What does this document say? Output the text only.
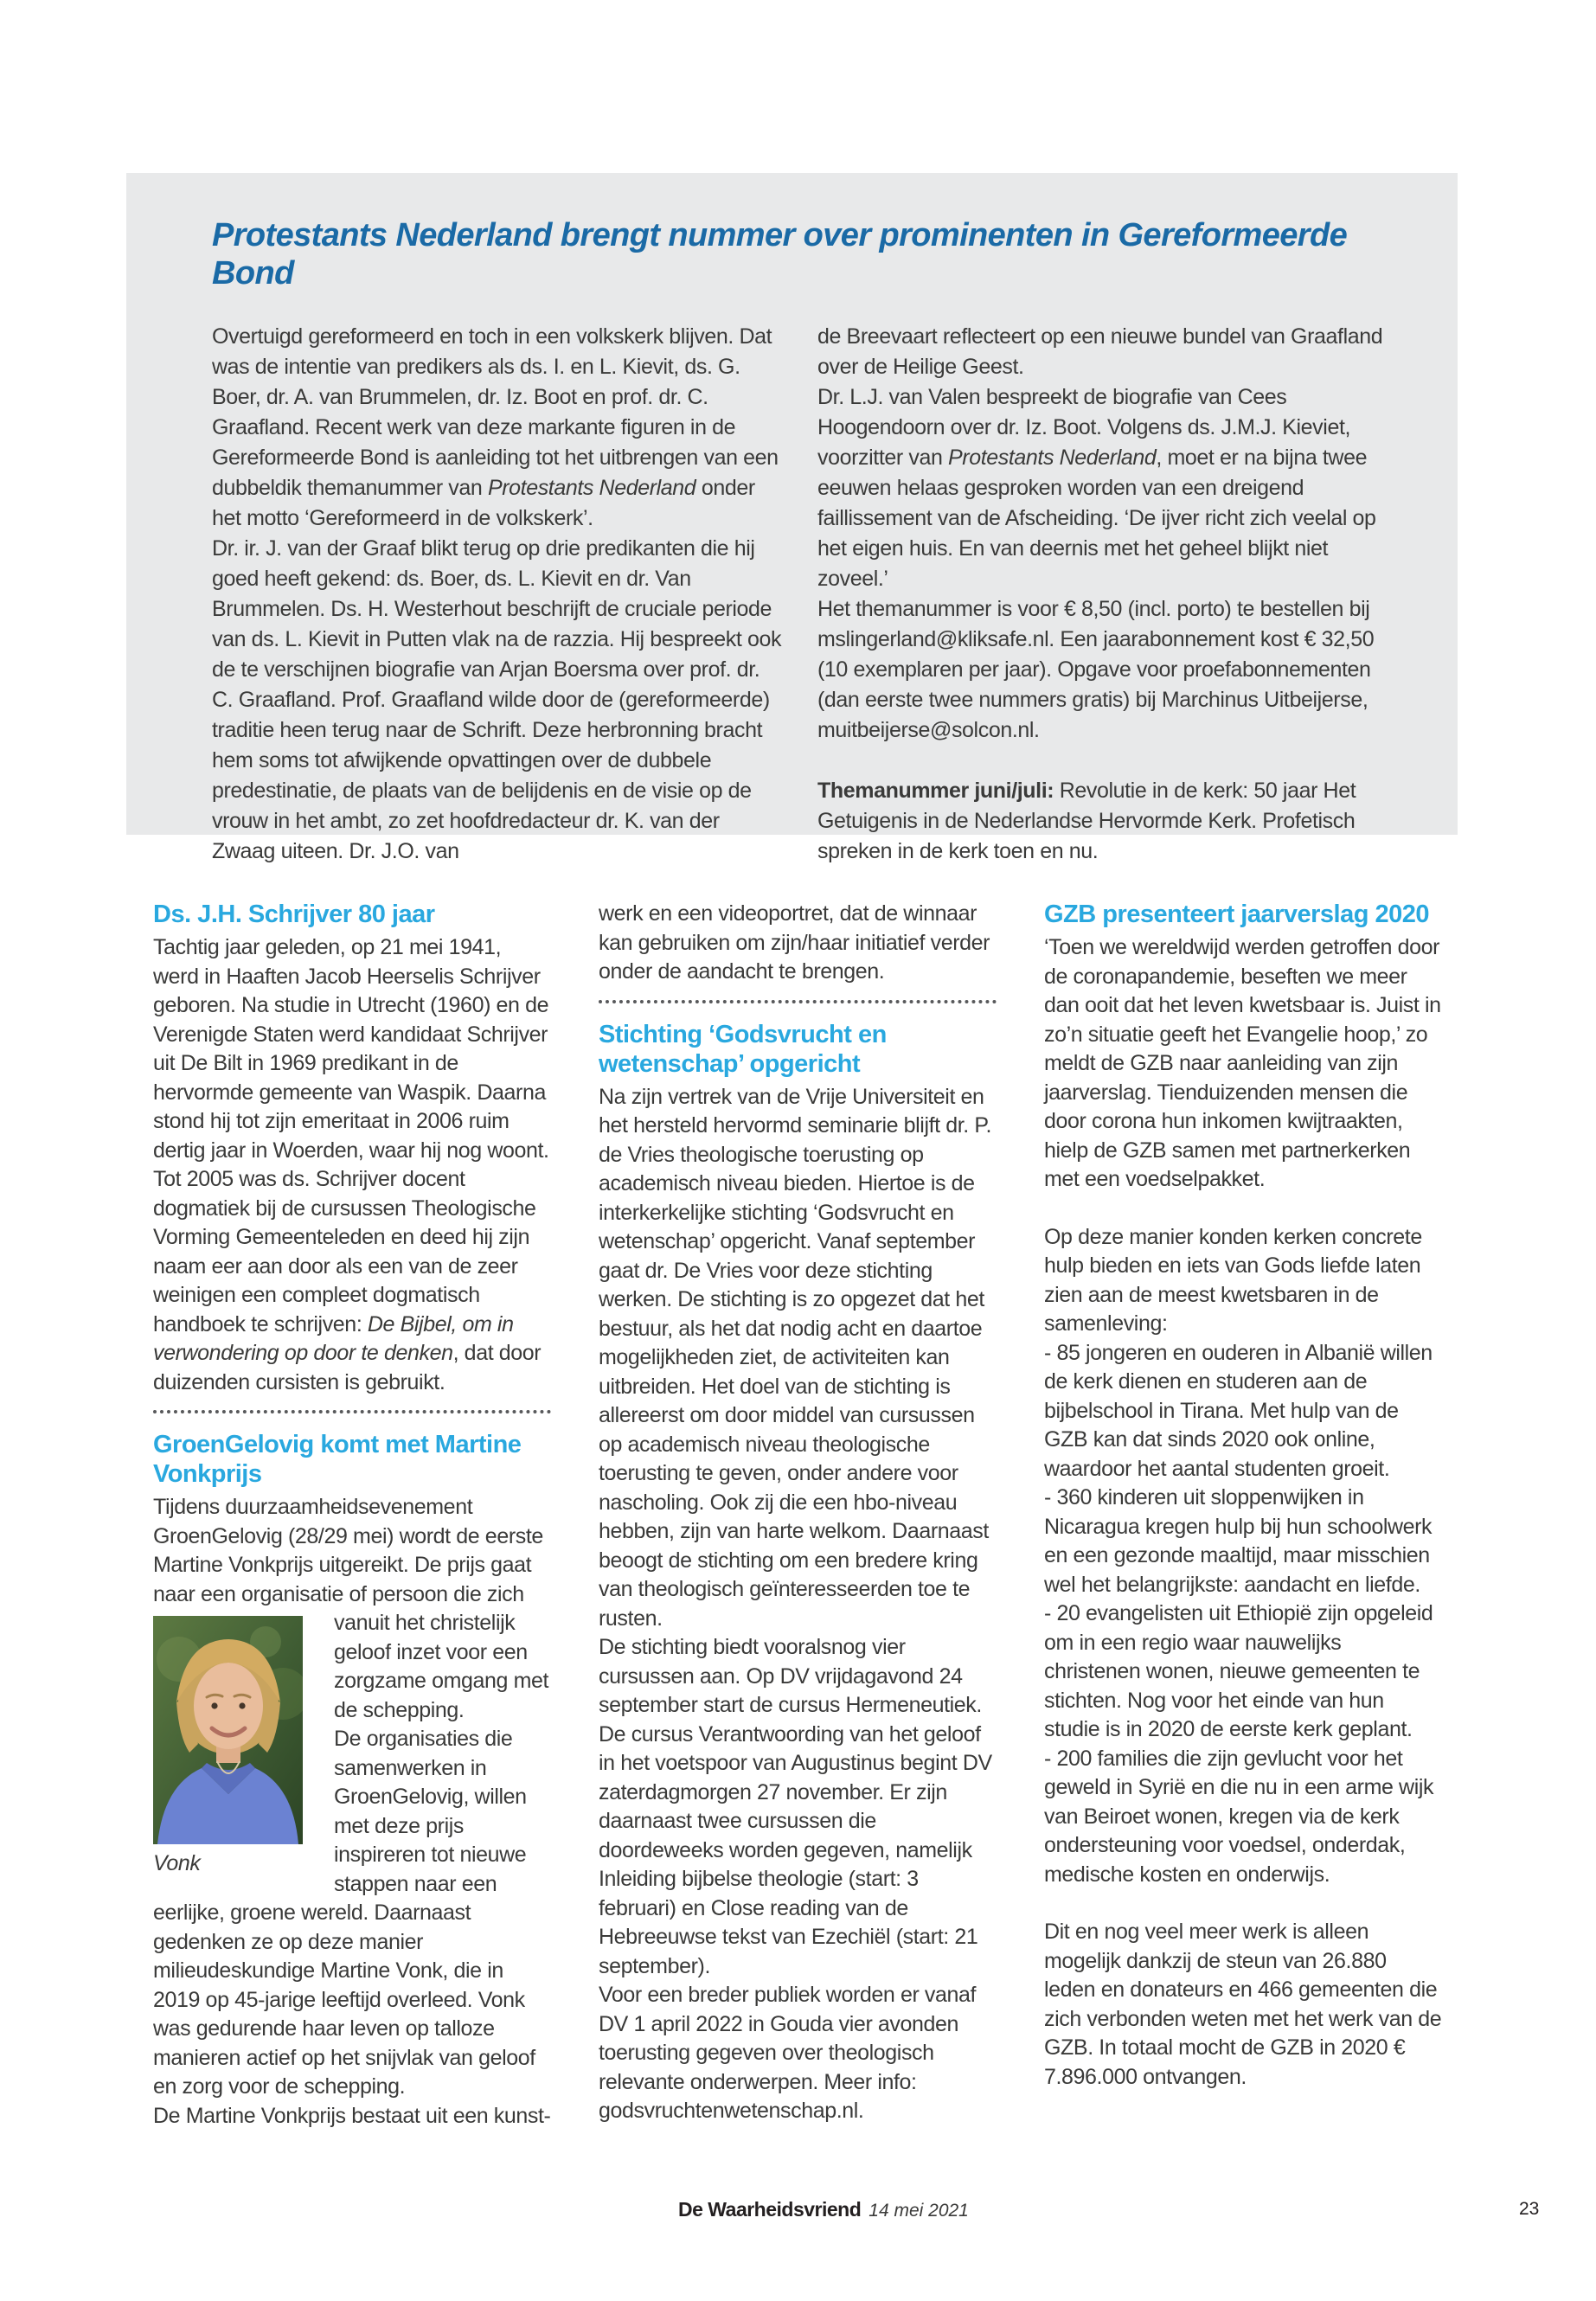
Protestants Nederland brengt nummer over prominenten in Gereformeerde Bond

Overtuigd gereformeerd en toch in een volkskerk blijven. Dat was de intentie van predikers als ds. I. en L. Kievit, ds. G. Boer, dr. A. van Brummelen, dr. Iz. Boot en prof. dr. C. Graafland. Recent werk van deze markante figuren in de Gereformeerde Bond is aanleiding tot het uitbrengen van een dubbeldik themanummer van Protestants Nederland onder het motto ‘Gereformeerd in de volkskerk’.

Dr. ir. J. van der Graaf blikt terug op drie predikanten die hij goed heeft gekend: ds. Boer, ds. L. Kievit en dr. Van Brummelen. Ds. H. Westerhout beschrijft de cruciale periode van ds. L. Kievit in Putten vlak na de razzia. Hij bespreekt ook de te verschijnen biografie van Arjan Boersma over prof. dr. C. Graafland. Prof. Graafland wilde door de (gereformeerde) traditie heen terug naar de Schrift. Deze herbronning bracht hem soms tot afwijkende opvattingen over de dubbele predestinatie, de plaats van de belijdenis en de visie op de vrouw in het ambt, zo zet hoofdredacteur dr. K. van der Zwaag uiteen. Dr. J.O. van

de Breevaart reflecteert op een nieuwe bundel van Graafland over de Heilige Geest.

Dr. L.J. van Valen bespreekt de biografie van Cees Hoogendoorn over dr. Iz. Boot. Volgens ds. J.M.J. Kieviet, voorzitter van Protestants Nederland, moet er na bijna twee eeuwen helaas gesproken worden van een dreigend faillissement van de Afscheiding. ‘De ijver richt zich veelal op het eigen huis. En van deernis met het geheel blijkt niet zoveel.’

Het themanummer is voor € 8,50 (incl. porto) te bestellen bij mslingerland@kliksafe.nl. Een jaarabonnement kost € 32,50 (10 exemplaren per jaar). Opgave voor proefabonnementen (dan eerste twee nummers gratis) bij Marchinus Uitbeijerse, muitbeijerse@solcon.nl.

Themanummer juni/juli: Revolutie in de kerk: 50 jaar Het Getuigenis in de Nederlandse Hervormde Kerk. Profetisch spreken in de kerk toen en nu.

Ds. J.H. Schrijver 80 jaar

Tachtig jaar geleden, op 21 mei 1941, werd in Haaften Jacob Heerselis Schrijver geboren. Na studie in Utrecht (1960) en de Verenigde Staten werd kandidaat Schrijver uit De Bilt in 1969 predikant in de hervormde gemeente van Waspik. Daarna stond hij tot zijn emeritaat in 2006 ruim dertig jaar in Woerden, waar hij nog woont. Tot 2005 was ds. Schrijver docent dogmatiek bij de cursussen Theologische Vorming Gemeenteleden en deed hij zijn naam eer aan door als een van de zeer weinigen een compleet dogmatisch handboek te schrijven: De Bijbel, om in verwondering op door te denken, dat door duizenden cursisten is gebruikt.

GroenGelovig komt met Martine Vonkprijs

Tijdens duurzaamheidsevenement GroenGelovig (28/29 mei) wordt de eerste Martine Vonkprijs uitgereikt. De prijs gaat naar een organisatie of persoon die zich

Vonk

vanuit het christelijk geloof inzet voor een zorgzame omgang met de schepping.

De organisaties die samenwerken in GroenGelovig, willen met deze prijs inspireren tot nieuwe stappen naar een eerlijke, groene wereld. Daarnaast gedenken ze op deze manier milieudeskundige Martine Vonk, die in 2019 op 45-jarige leeftijd overleed. Vonk was gedurende haar leven op talloze manieren actief op het snijvlak van geloof en zorg voor de schepping.

De Martine Vonkprijs bestaat uit een kunst-

werk en een videoportret, dat de winnaar kan gebruiken om zijn/haar initiatief verder onder de aandacht te brengen.

Stichting ‘Godsvrucht en wetenschap’ opgericht

Na zijn vertrek van de Vrije Universiteit en het hersteld hervormd seminarie blijft dr. P. de Vries theologische toerusting op academisch niveau bieden. Hiertoe is de interkerkelijke stichting ‘Godsvrucht en wetenschap’ opgericht. Vanaf september gaat dr. De Vries voor deze stichting werken. De stichting is zo opgezet dat het bestuur, als het dat nodig acht en daartoe mogelijkheden ziet, de activiteiten kan uitbreiden. Het doel van de stichting is allereerst om door middel van cursussen op academisch niveau theologische toerusting te geven, onder andere voor nascholing. Ook zij die een hbo-niveau hebben, zijn van harte welkom. Daarnaast beoogt de stichting om een bredere kring van theologisch geïnteresseerden toe te rusten.

De stichting biedt vooralsnog vier cursussen aan. Op DV vrijdagavond 24 september start de cursus Hermeneutiek. De cursus Verantwoording van het geloof in het voetspoor van Augustinus begint DV zaterdagmorgen 27 november. Er zijn daarnaast twee cursussen die doordeweeks worden gegeven, namelijk Inleiding bijbelse theologie (start: 3 februari) en Close reading van de Hebreeuwse tekst van Ezechiël (start: 21 september).

Voor een breder publiek worden er vanaf DV 1 april 2022 in Gouda vier avonden toerusting gegeven over theologisch relevante onderwerpen. Meer info: godsvruchtenwetenschap.nl.

GZB presenteert jaarverslag 2020

‘Toen we wereldwijd werden getroffen door de coronapandemie, beseften we meer dan ooit dat het leven kwetsbaar is. Juist in zo’n situatie geeft het Evangelie hoop,’ zo meldt de GZB naar aanleiding van zijn jaarverslag. Tienduizenden mensen die door corona hun inkomen kwijtraakten, hielp de GZB samen met partnerkerken met een voedselpakket.

Op deze manier konden kerken concrete hulp bieden en iets van Gods liefde laten zien aan de meest kwetsbaren in de samenleving:

- 85 jongeren en ouderen in Albanië willen de kerk dienen en studeren aan de bijbelschool in Tirana. Met hulp van de GZB kan dat sinds 2020 ook online, waardoor het aantal studenten groeit.

- 360 kinderen uit sloppenwijken in Nicaragua kregen hulp bij hun schoolwerk en een gezonde maaltijd, maar misschien wel het belangrijkste: aandacht en liefde.

- 20 evangelisten uit Ethiopië zijn opgeleid om in een regio waar nauwelijks christenen wonen, nieuwe gemeenten te stichten. Nog voor het einde van hun studie is in 2020 de eerste kerk geplant.

- 200 families die zijn gevlucht voor het geweld in Syrië en die nu in een arme wijk van Beiroet wonen, kregen via de kerk ondersteuning voor voedsel, onderdak, medische kosten en onderwijs.

Dit en nog veel meer werk is alleen mogelijk dankzij de steun van 26.880 leden en donateurs en 466 gemeenten die zich verbonden weten met het werk van de GZB. In totaal mocht de GZB in 2020 € 7.896.000 ontvangen.

De Waarheidsvriend 14 mei 2021	23
